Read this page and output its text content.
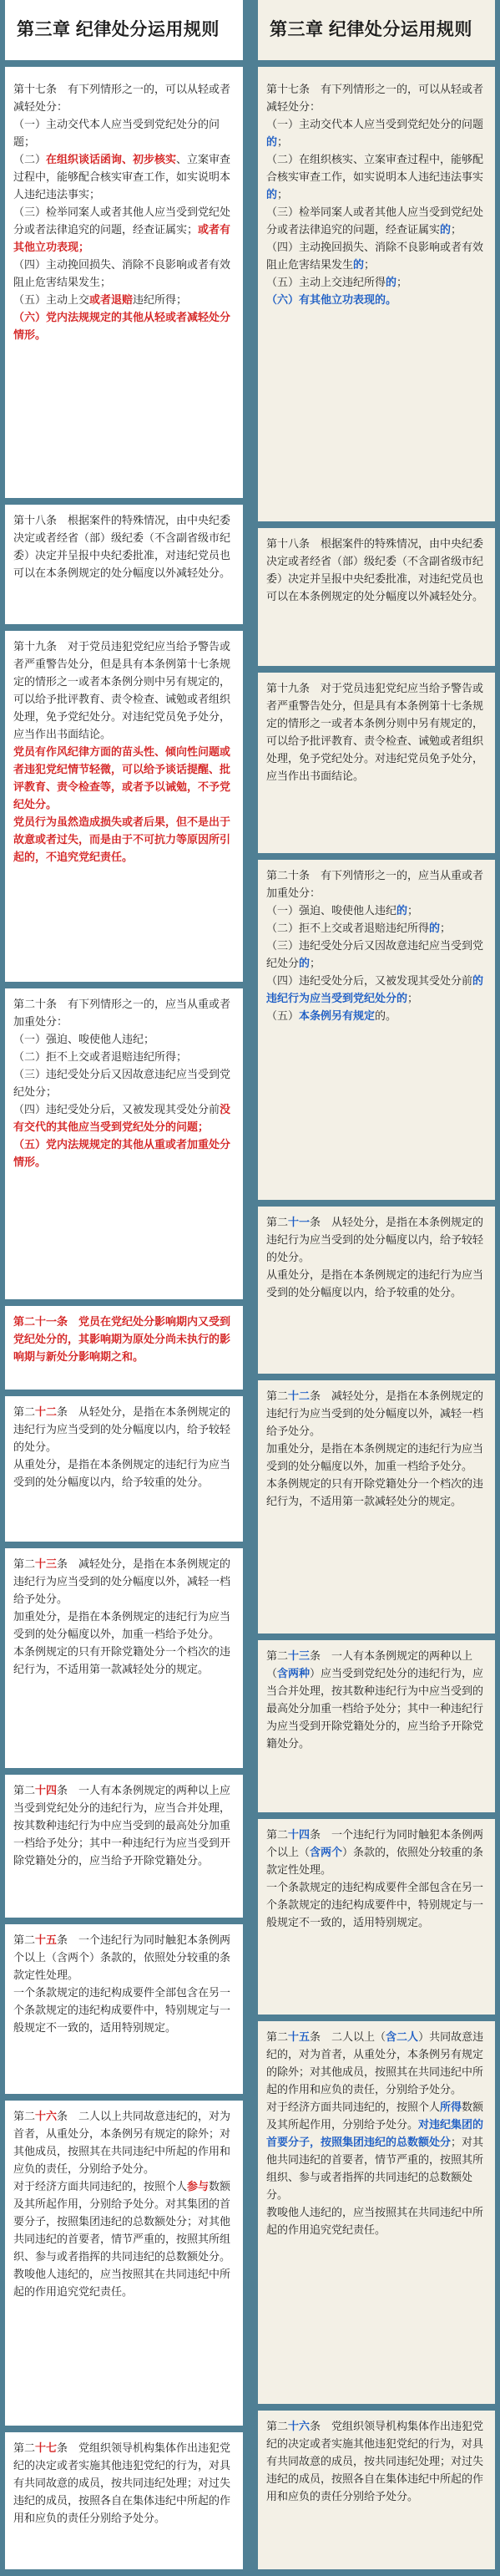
第三章 纪律处分运用规则

第十七条　有下列情形之一的，可以从轻或者减轻处分：

（一）主动交代本人应当受到党纪处分的问题；

（二）在组织谈话函询、初步核实、立案审查过程中，能够配合核实审查工作，如实说明本人违纪违法事实；

（三）检举同案人或者其他人应当受到党纪处分或者法律追究的问题，经查证属实；或者有其他立功表现；

（四）主动挽回损失、消除不良影响或者有效阻止危害结果发生；

（五）主动上交或者退赔违纪所得；

（六）党内法规规定的其他从轻或者减轻处分情形。

第十八条　根据案件的特殊情况，由中央纪委决定或者经省（部）级纪委（不含副省级市纪委）决定并呈报中央纪委批准，对违纪党员也可以在本条例规定的处分幅度以外减轻处分。

第十九条　对于党员违犯党纪应当给予警告或者严重警告处分，但是具有本条例第十七条规定的情形之一或者本条例分则中另有规定的，可以给予批评教育、责令检查、诫勉或者组织处理，免予党纪处分。对违纪党员免予处分，应当作出书面结论。

党员有作风纪律方面的苗头性、倾向性问题或者违犯党纪情节轻微，可以给予谈话提醒、批评教育、责令检查等，或者予以诫勉，不予党纪处分。

党员行为虽然造成损失或者后果，但不是出于故意或者过失，而是由于不可抗力等原因所引起的，不追究党纪责任。

第二十条　有下列情形之一的，应当从重或者加重处分：

（一）强迫、唆使他人违纪；

（二）拒不上交或者退赔违纪所得；

（三）违纪受处分后又因故意违纪应当受到党纪处分；

（四）违纪受处分后，又被发现其受处分前没有交代的其他应当受到党纪处分的问题；

（五）党内法规规定的其他从重或者加重处分情形。

第二十一条　党员在党纪处分影响期内又受到党纪处分的，其影响期为原处分尚未执行的影响期与新处分影响期之和。

第二十二条　从轻处分，是指在本条例规定的违纪行为应当受到的处分幅度以内，给予较轻的处分。

从重处分，是指在本条例规定的违纪行为应当受到的处分幅度以内，给予较重的处分。

第二十三条　减轻处分，是指在本条例规定的违纪行为应当受到的处分幅度以外，减轻一档给予处分。

加重处分，是指在本条例规定的违纪行为应当受到的处分幅度以外，加重一档给予处分。

本条例规定的只有开除党籍处分一个档次的违纪行为，不适用第一款减轻处分的规定。

第二十四条　一人有本条例规定的两种以上应当受到党纪处分的违纪行为，应当合并处理，按其数种违纪行为中应当受到的最高处分加重一档给予处分；其中一种违纪行为应当受到开除党籍处分的，应当给予开除党籍处分。

第二十五条　一个违纪行为同时触犯本条例两个以上（含两个）条款的，依照处分较重的条款定性处理。

一个条款规定的违纪构成要件全部包含在另一个条款规定的违纪构成要件中，特别规定与一般规定不一致的，适用特别规定。

第二十六条　二人以上共同故意违纪的，对为首者，从重处分，本条例另有规定的除外；对其他成员，按照其在共同违纪中所起的作用和应负的责任，分别给予处分。

对于经济方面共同违纪的，按照个人参与数额及其所起作用，分别给予处分。对其集团的首要分子，按照集团违纪的总数额处分；对其他共同违纪的首要者，情节严重的，按照其所组织、参与或者指挥的共同违纪的总数额处分。

教唆他人违纪的，应当按照其在共同违纪中所起的作用追究党纪责任。

第二十七条　党组织领导机构集体作出违犯党纪的决定或者实施其他违犯党纪的行为，对具有共同故意的成员，按共同违纪处理；对过失违纪的成员，按照各自在集体违纪中所起的作用和应负的责任分别给予处分。

第三章 纪律处分运用规则

第十七条　有下列情形之一的，可以从轻或者减轻处分：

（一）主动交代本人应当受到党纪处分的问题的；

（二）在组织核实、立案审查过程中，能够配合核实审查工作，如实说明本人违纪违法事实的；

（三）检举同案人或者其他人应当受到党纪处分或者法律追究的问题，经查证属实的；

（四）主动挽回损失、消除不良影响或者有效阻止危害结果发生的；

（五）主动上交违纪所得的；

（六）有其他立功表现的。

第十八条　根据案件的特殊情况，由中央纪委决定或者经省（部）级纪委（不含副省级市纪委）决定并呈报中央纪委批准，对违纪党员也可以在本条例规定的处分幅度以外减轻处分。

第十九条　对于党员违犯党纪应当给予警告或者严重警告处分，但是具有本条例第十七条规定的情形之一或者本条例分则中另有规定的，可以给予批评教育、责令检查、诫勉或者组织处理，免予党纪处分。对违纪党员免予处分，应当作出书面结论。

第二十条　有下列情形之一的，应当从重或者加重处分：

（一）强迫、唆使他人违纪的；

（二）拒不上交或者退赔违纪所得的；

（三）违纪受处分后又因故意违纪应当受到党纪处分的；

（四）违纪受处分后，又被发现其受处分前的违纪行为应当受到党纪处分的；

（五）本条例另有规定的。

第二十一条　从轻处分，是指在本条例规定的违纪行为应当受到的处分幅度以内，给予较轻的处分。

从重处分，是指在本条例规定的违纪行为应当受到的处分幅度以内，给予较重的处分。

第二十二条　减轻处分，是指在本条例规定的违纪行为应当受到的处分幅度以外，减轻一档给予处分。

加重处分，是指在本条例规定的违纪行为应当受到的处分幅度以外，加重一档给予处分。

本条例规定的只有开除党籍处分一个档次的违纪行为，不适用第一款减轻处分的规定。

第二十三条　一人有本条例规定的两种以上（含两种）应当受到党纪处分的违纪行为，应当合并处理，按其数种违纪行为中应当受到的最高处分加重一档给予处分；其中一种违纪行为应当受到开除党籍处分的，应当给予开除党籍处分。

第二十四条　一个违纪行为同时触犯本条例两个以上（含两个）条款的，依照处分较重的条款定性处理。

一个条款规定的违纪构成要件全部包含在另一个条款规定的违纪构成要件中，特别规定与一般规定不一致的，适用特别规定。

第二十五条　二人以上（含二人）共同故意违纪的，对为首者，从重处分，本条例另有规定的除外；对其他成员，按照其在共同违纪中所起的作用和应负的责任，分别给予处分。

对于经济方面共同违纪的，按照个人所得数额及其所起作用，分别给予处分。对违纪集团的首要分子，按照集团违纪的总数额处分；对其他共同违纪的首要者，情节严重的，按照其所组织、参与或者指挥的共同违纪的总数额处分。

教唆他人违纪的，应当按照其在共同违纪中所起的作用追究党纪责任。

第二十六条　党组织领导机构集体作出违犯党纪的决定或者实施其他违犯党纪的行为，对具有共同故意的成员，按共同违纪处理；对过失违纪的成员，按照各自在集体违纪中所起的作用和应负的责任分别给予处分。
